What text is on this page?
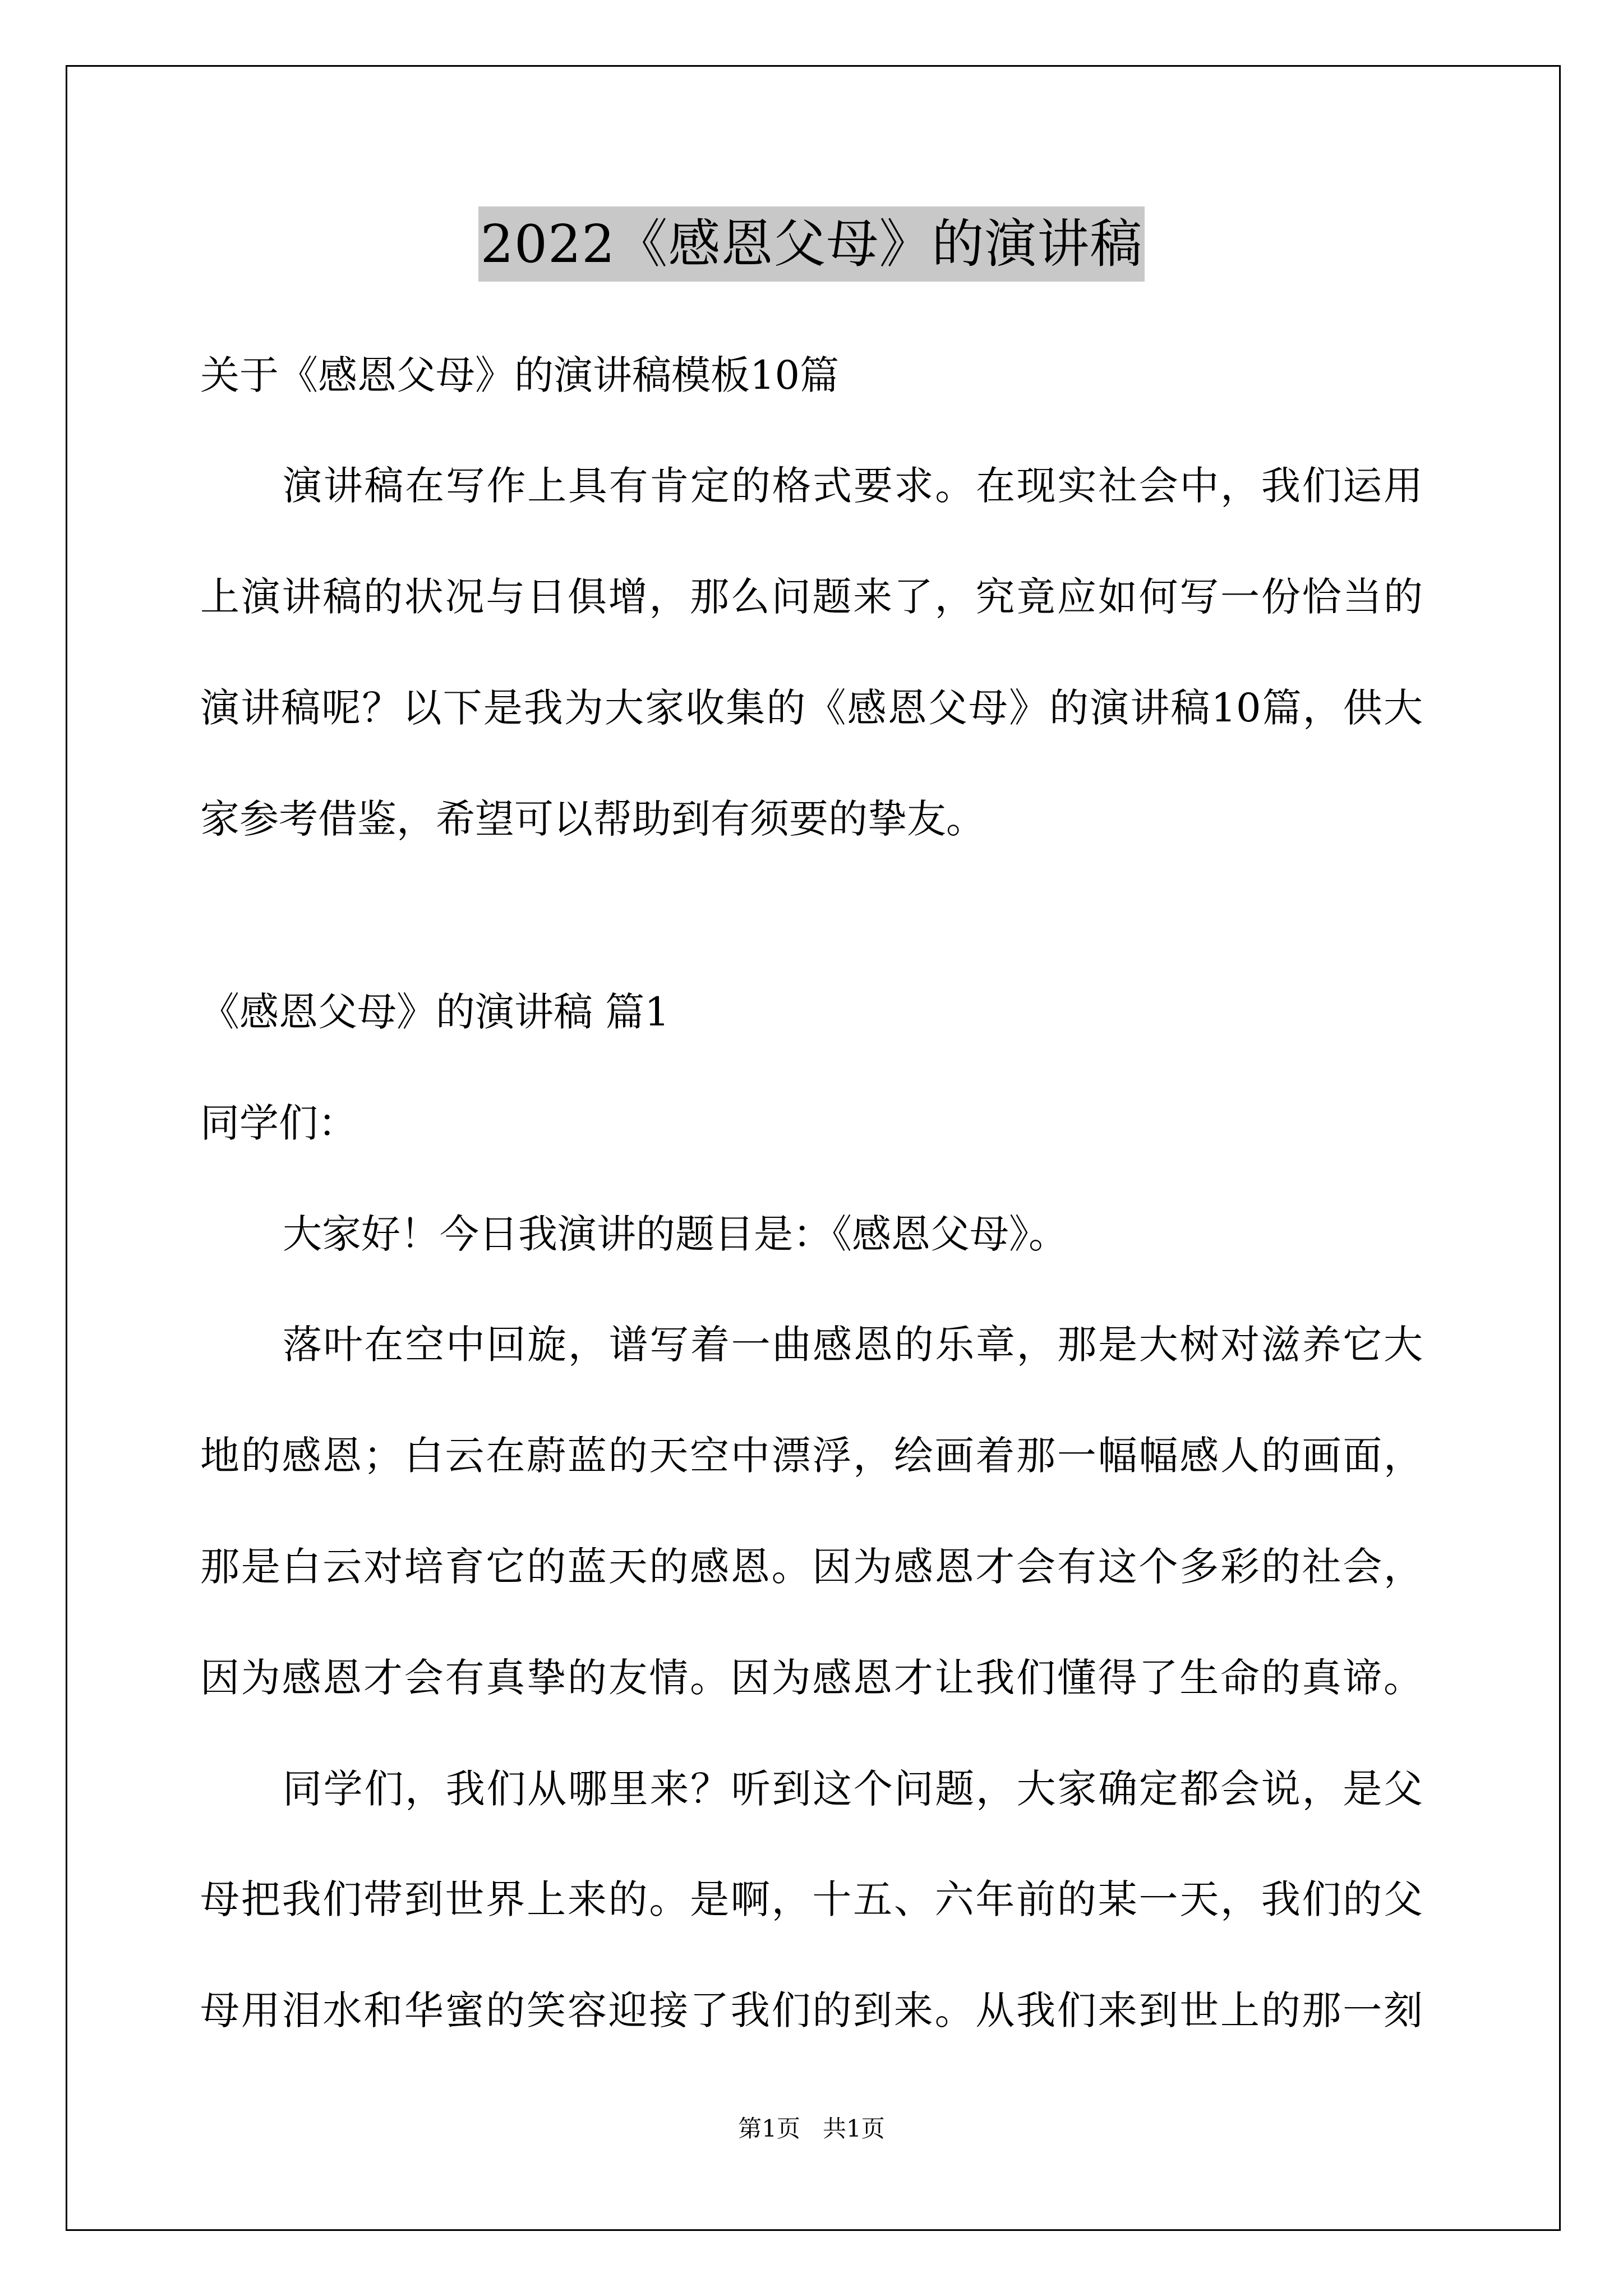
2022《感恩父母》的演讲稿
关于《感恩父母》的演讲稿模板10篇
演讲稿在写作上具有肯定的格式要求。在现实社会中，我们运用
上演讲稿的状况与日俱增，那么问题来了，究竟应如何写一份恰当的
演讲稿呢？以下是我为大家收集的《感恩父母》的演讲稿10篇，供大
家参考借鉴，希望可以帮助到有须要的挚友。
《感恩父母》的演讲稿 篇1
同学们：
大家好！今日我演讲的题目是：《感恩父母》。
落叶在空中回旋，谱写着一曲感恩的乐章，那是大树对滋养它大
地的感恩；白云在蔚蓝的天空中漂浮，绘画着那一幅幅感人的画面，
那是白云对培育它的蓝天的感恩。因为感恩才会有这个多彩的社会，
因为感恩才会有真挚的友情。因为感恩才让我们懂得了生命的真谛。
同学们，我们从哪里来？听到这个问题，大家确定都会说，是父
母把我们带到世界上来的。是啊，十五、六年前的某一天，我们的父
母用泪水和华蜜的笑容迎接了我们的到来。从我们来到世上的那一刻
第1页   共1页
